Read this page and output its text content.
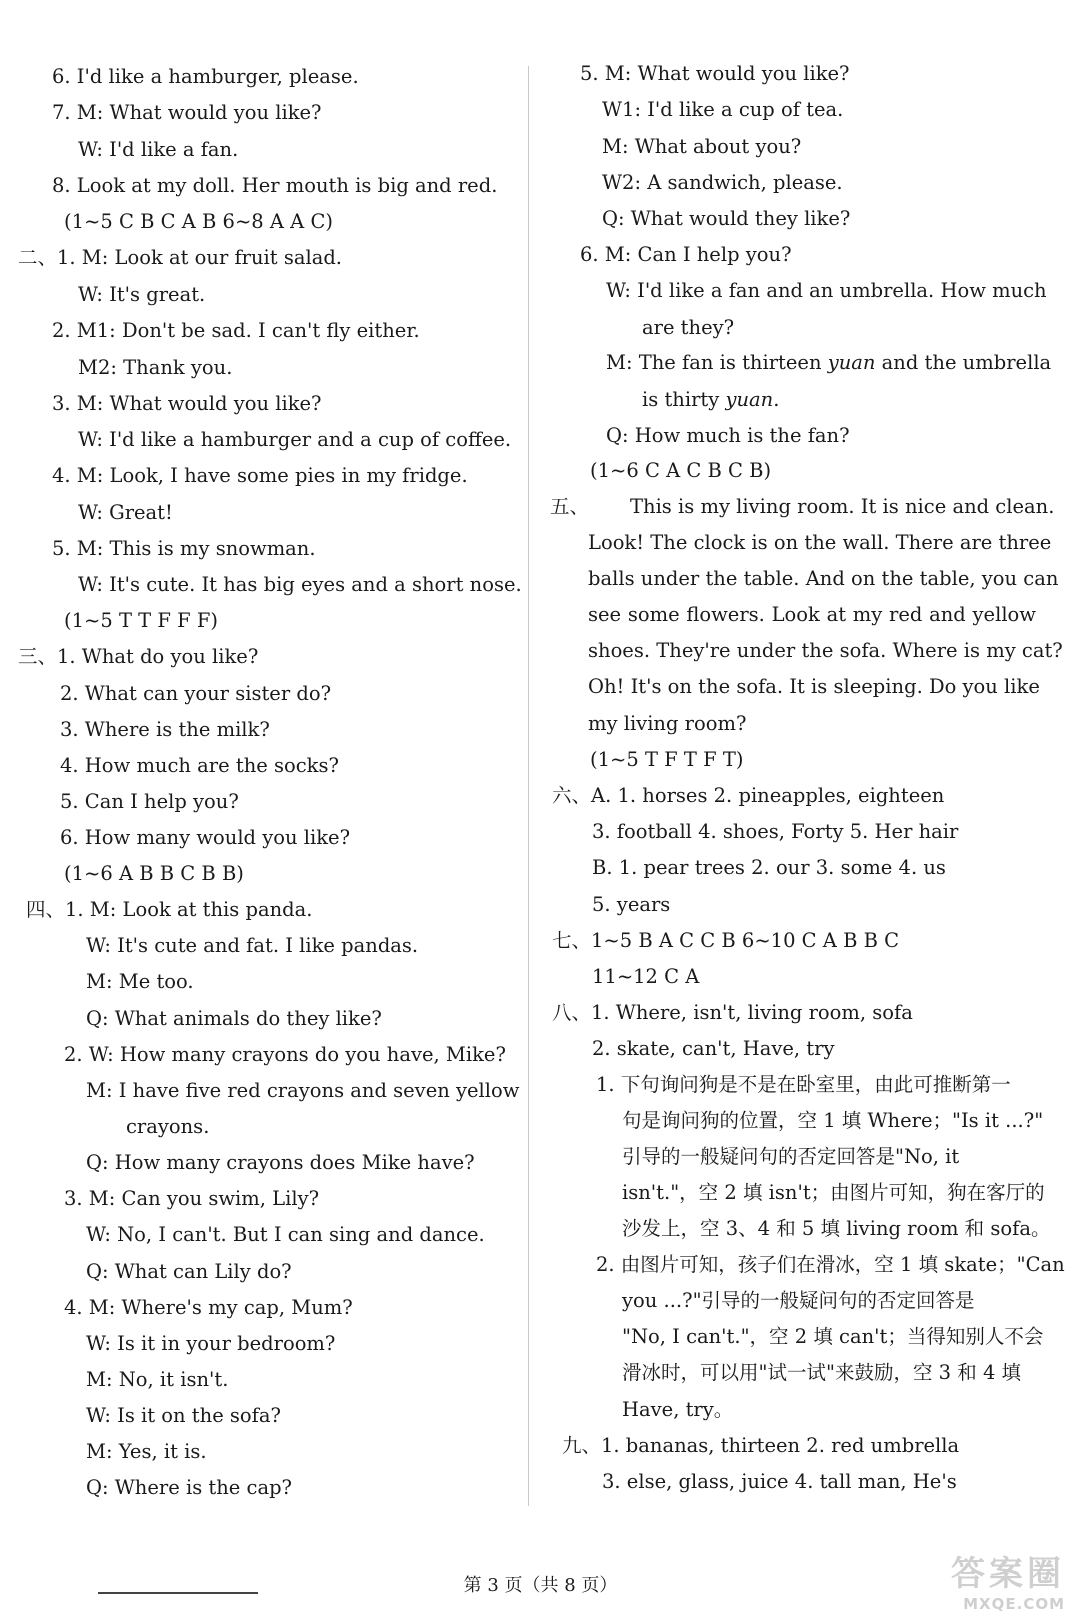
6. I'd like a hamburger, please.
7. M: What would you like?
W: I'd like a fan.
8. Look at my doll. Her mouth is big and red.
(1~5 C B C A B 6~8 A A C)
二、1. M: Look at our fruit salad.
W: It's great.
2. M1: Don't be sad. I can't fly either.
M2: Thank you.
3. M: What would you like?
W: I'd like a hamburger and a cup of coffee.
4. M: Look, I have some pies in my fridge.
W: Great!
5. M: This is my snowman.
W: It's cute. It has big eyes and a short nose.
(1~5 T T F F F)
三、1. What do you like?
2. What can your sister do?
3. Where is the milk?
4. How much are the socks?
5. Can I help you?
6. How many would you like?
(1~6 A B B C B B)
四、1. M: Look at this panda.
W: It's cute and fat. I like pandas.
M: Me too.
Q: What animals do they like?
2. W: How many crayons do you have, Mike?
M: I have five red crayons and seven yellow
crayons.
Q: How many crayons does Mike have?
3. M: Can you swim, Lily?
W: No, I can't. But I can sing and dance.
Q: What can Lily do?
4. M: Where's my cap, Mum?
W: Is it in your bedroom?
M: No, it isn't.
W: Is it on the sofa?
M: Yes, it is.
Q: Where is the cap?
5. M: What would you like?
W1: I'd like a cup of tea.
M: What about you?
W2: A sandwich, please.
Q: What would they like?
6. M: Can I help you?
W: I'd like a fan and an umbrella. How much
are they?
M: The fan is thirteen yuan and the umbrella
is thirty yuan.
Q: How much is the fan?
(1~6 C A C B C B)
五、 This is my living room. It is nice and clean.
Look! The clock is on the wall. There are three
balls under the table. And on the table, you can
see some flowers. Look at my red and yellow
shoes. They're under the sofa. Where is my cat?
Oh! It's on the sofa. It is sleeping. Do you like
my living room?
(1~5 T F T F T)
六、A. 1. horses 2. pineapples, eighteen
3. football 4. shoes, Forty 5. Her hair
B. 1. pear trees 2. our 3. some 4. us
5. years
七、1~5 B A C C B 6~10 C A B B C
11~12 C A
八、1. Where, isn't, living room, sofa
2. skate, can't, Have, try
1. 下句询问狗是不是在卧室里，由此可推断第一
句是询问狗的位置，空 1 填 Where；"Is it ...?"
引导的一般疑问句的否定回答是"No, it
isn't."，空 2 填 isn't；由图片可知，狗在客厅的
沙发上，空 3、4 和 5 填 living room 和 sofa。
2. 由图片可知，孩子们在滑冰，空 1 填 skate；"Can
you ...?"引导的一般疑问句的否定回答是
"No, I can't."，空 2 填 can't；当得知别人不会
滑冰时，可以用"试一试"来鼓励，空 3 和 4 填
Have, try。
九、1. bananas, thirteen 2. red umbrella
3. else, glass, juice 4. tall man, He's
答案圈
MXQE.COM
第 3 页（共 8 页）
